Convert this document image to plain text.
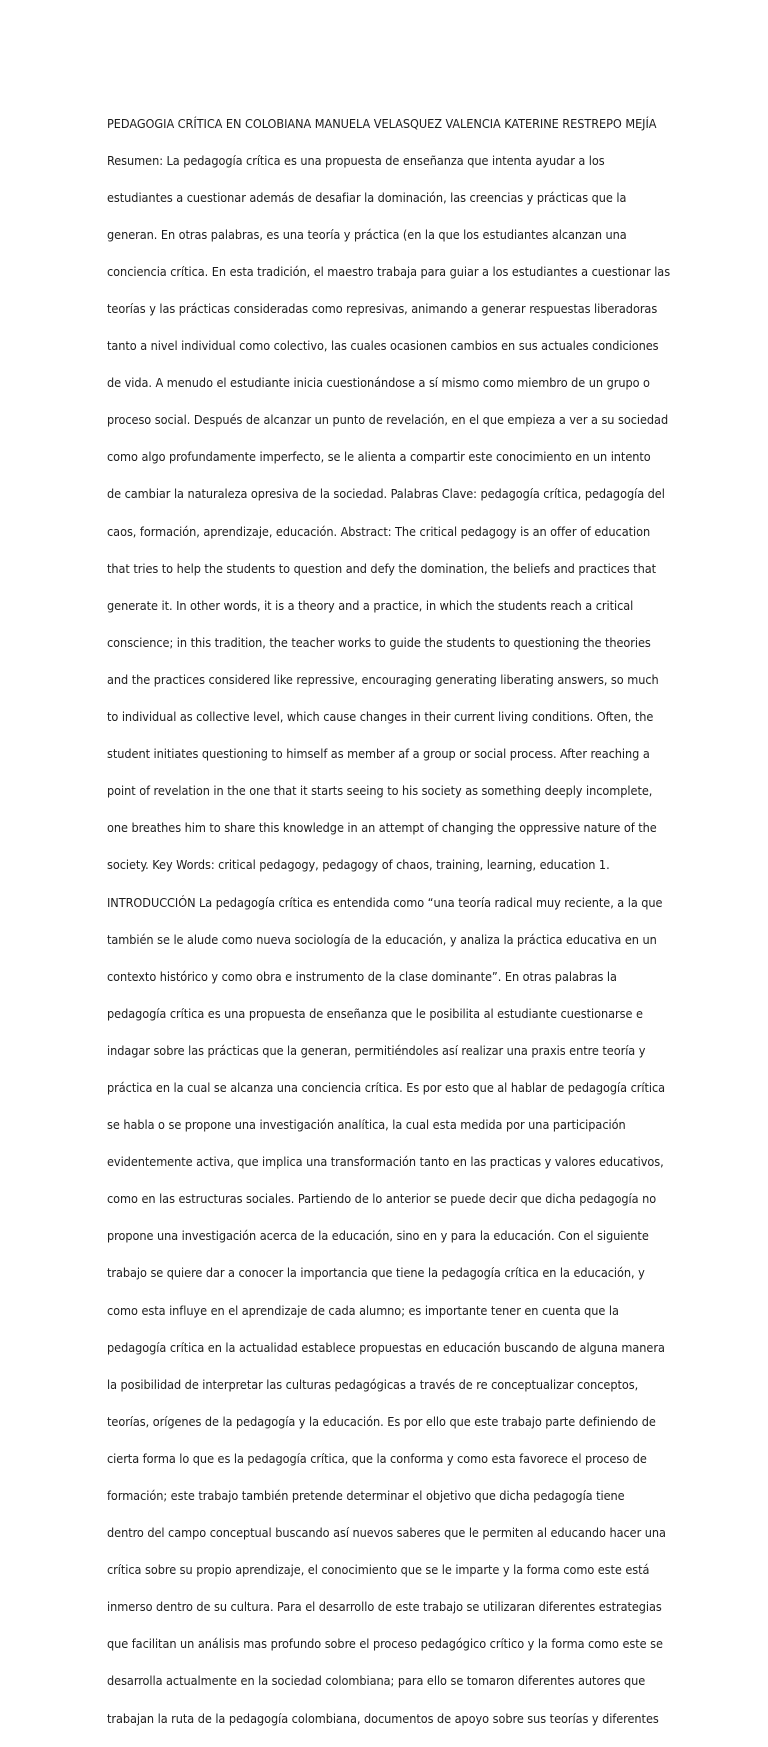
PEDAGOGIA CRÍTICA EN COLOBIANA MANUELA VELASQUEZ VALENCIA KATERINE RESTREPO MEJÍA

Resumen: La pedagogía crítica es una propuesta de enseñanza que intenta ayudar a los

estudiantes a cuestionar además de desafiar la dominación, las creencias y prácticas que la

generan. En otras palabras, es una teoría y práctica (en la que los estudiantes alcanzan una

conciencia crítica. En esta tradición, el maestro trabaja para guiar a los estudiantes a cuestionar las

teorías y las prácticas consideradas como represivas, animando a generar respuestas liberadoras

tanto a nivel individual como colectivo, las cuales ocasionen cambios en sus actuales condiciones

de vida. A menudo el estudiante inicia cuestionándose a sí mismo como miembro de un grupo o

proceso social. Después de alcanzar un punto de revelación, en el que empieza a ver a su sociedad

como algo profundamente imperfecto, se le alienta a compartir este conocimiento en un intento

de cambiar la naturaleza opresiva de la sociedad. Palabras Clave: pedagogía crítica, pedagogía del

caos, formación, aprendizaje, educación. Abstract: The critical pedagogy is an offer of education

that tries to help the students to question and defy the domination, the beliefs and practices that

generate it. In other words, it is a theory and a practice, in which the students reach a critical

conscience; in this tradition, the teacher works to guide the students to questioning the theories

and the practices considered like repressive, encouraging generating liberating answers, so much

to individual as collective level, which cause changes in their current living conditions. Often, the

student initiates questioning to himself as member af a group or social process. After reaching a

point of revelation in the one that it starts seeing to his society as something deeply incomplete,

one breathes him to share this knowledge in an attempt of changing the oppressive nature of the

society. Key Words: critical pedagogy, pedagogy of chaos, training, learning, education 1.

INTRODUCCIÓN La pedagogía crítica es entendida como “una teoría radical muy reciente, a la que

también se le alude como nueva sociología de la educación, y analiza la práctica educativa en un

contexto histórico y como obra e instrumento de la clase dominante”. En otras palabras la

pedagogía crítica es una propuesta de enseñanza que le posibilita al estudiante cuestionarse e

indagar sobre las prácticas que la generan, permitiéndoles así realizar una praxis entre teoría y

práctica en la cual se alcanza una conciencia crítica. Es por esto que al hablar de pedagogía crítica

se habla o se propone una investigación analítica, la cual esta medida por una participación

evidentemente activa, que implica una transformación tanto en las practicas y valores educativos,

como en las estructuras sociales. Partiendo de lo anterior se puede decir que dicha pedagogía no

propone una investigación acerca de la educación, sino en y para la educación. Con el siguiente

trabajo se quiere dar a conocer la importancia que tiene la pedagogía crítica en la educación, y

como esta influye en el aprendizaje de cada alumno; es importante tener en cuenta que la

pedagogía crítica en la actualidad establece propuestas en educación buscando de alguna manera

la posibilidad de interpretar las culturas pedagógicas a través de re conceptualizar conceptos,

teorías, orígenes de la pedagogía y la educación. Es por ello que este trabajo parte definiendo de

cierta forma lo que es la pedagogía crítica, que la conforma y como esta favorece el proceso de

formación; este trabajo también pretende determinar el objetivo que dicha pedagogía tiene

dentro del campo conceptual buscando así nuevos saberes que le permiten al educando hacer una

crítica sobre su propio aprendizaje, el conocimiento que se le imparte y la forma como este está

inmerso dentro de su cultura. Para el desarrollo de este trabajo se utilizaran diferentes estrategias

que facilitan un análisis mas profundo sobre el proceso pedagógico crítico y la forma como este se

desarrolla actualmente en la sociedad colombiana; para ello se tomaron diferentes autores que

trabajan la ruta de la pedagogía colombiana, documentos de apoyo sobre sus teorías y diferentes
